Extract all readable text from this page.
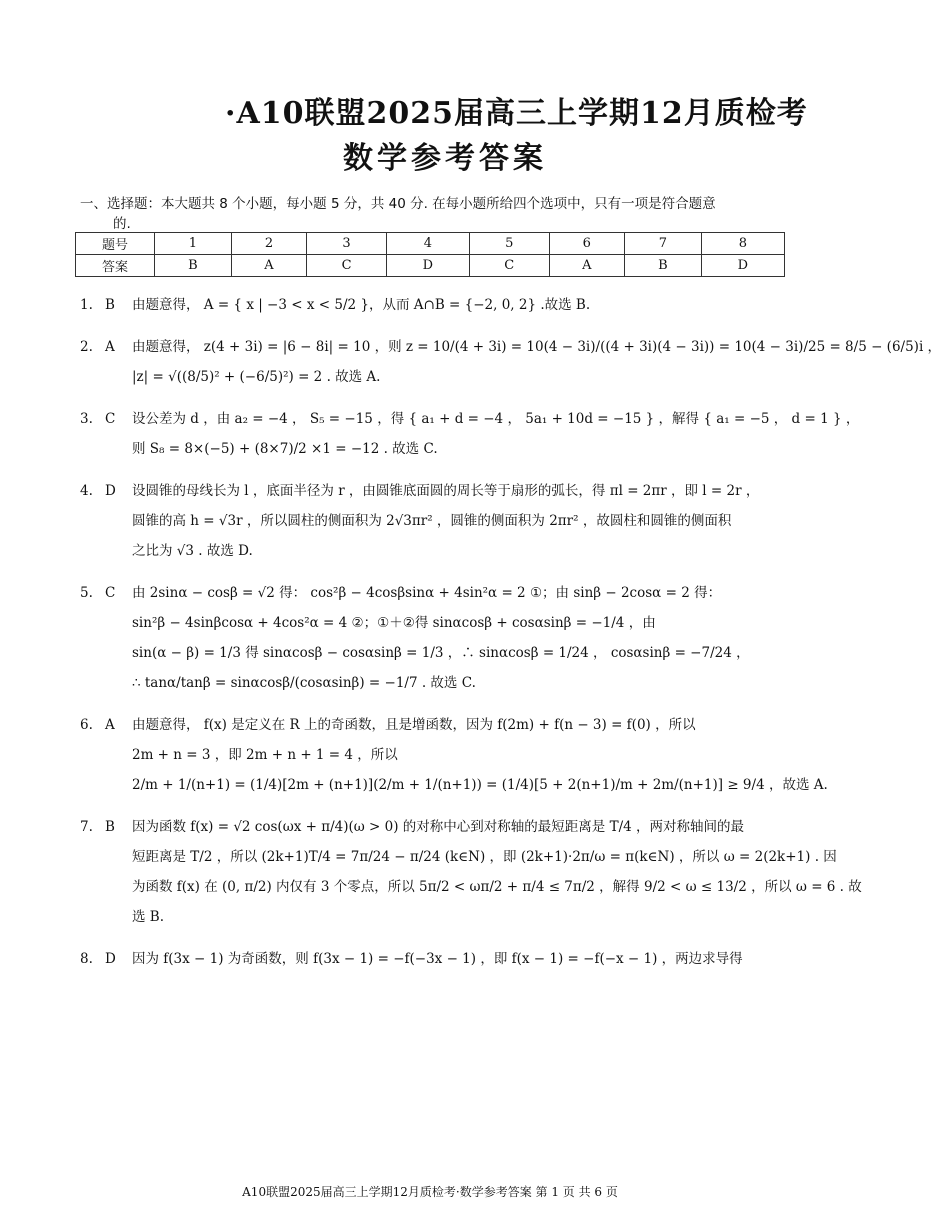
·A10联盟2025届高三上学期12月质检考
数学参考答案
一、选择题：本大题共 8 个小题，每小题 5 分，共 40 分. 在每小题所给四个选项中，只有一项是符合题意
的.
题号	1	2	3	4	5	6	7	8
答案	B	A	C	D	C	A	B	D
1. B	由题意得， A = { x | −3 < x < 5/2 }，从而 A∩B = {−2, 0, 2} .故选 B.
2. A	由题意得， z(4 + 3i) = |6 − 8i| = 10 ，则 z = 10/(4 + 3i) = 10(4 − 3i)/((4 + 3i)(4 − 3i)) = 10(4 − 3i)/25 = 8/5 − (6/5)i ，
|z| = √((8/5)² + (−6/5)²) = 2 . 故选 A.
3. C	设公差为 d ，由 a₂ = −4 ， S₅ = −15 ，得 { a₁ + d = −4 ， 5a₁ + 10d = −15 } ，解得 { a₁ = −5 ， d = 1 } ，
则 S₈ = 8×(−5) + (8×7)/2 ×1 = −12 . 故选 C.
4. D	设圆锥的母线长为 l ，底面半径为 r ，由圆锥底面圆的周长等于扇形的弧长，得 πl = 2πr ，即 l = 2r ，
圆锥的高 h = √3r ，所以圆柱的侧面积为 2√3πr² ，圆锥的侧面积为 2πr² ，故圆柱和圆锥的侧面积
之比为 √3 . 故选 D.
5. C	由 2sinα − cosβ = √2 得： cos²β − 4cosβsinα + 4sin²α = 2 ①；由 sinβ − 2cosα = 2 得：
sin²β − 4sinβcosα + 4cos²α = 4 ②；①＋②得 sinαcosβ + cosαsinβ = −1/4 ，由
sin(α − β) = 1/3 得 sinαcosβ − cosαsinβ = 1/3 ，∴ sinαcosβ = 1/24 ， cosαsinβ = −7/24 ，
∴ tanα/tanβ = sinαcosβ/(cosαsinβ) = −1/7 . 故选 C.
6. A	由题意得， f(x) 是定义在 R 上的奇函数，且是增函数，因为 f(2m) + f(n − 3) = f(0) ，所以
2m + n = 3 ，即 2m + n + 1 = 4 ，所以
2/m + 1/(n+1) = (1/4)[2m + (n+1)](2/m + 1/(n+1)) = (1/4)[5 + 2(n+1)/m + 2m/(n+1)] ≥ 9/4 ，故选 A.
7. B	因为函数 f(x) = √2 cos(ωx + π/4)(ω > 0) 的对称中心到对称轴的最短距离是 T/4 ，两对称轴间的最
短距离是 T/2 ，所以 (2k+1)T/4 = 7π/24 − π/24 (k∈N) ，即 (2k+1)·2π/ω = π(k∈N) ，所以 ω = 2(2k+1) . 因
为函数 f(x) 在 (0, π/2) 内仅有 3 个零点，所以 5π/2 < ωπ/2 + π/4 ≤ 7π/2 ，解得 9/2 < ω ≤ 13/2 ，所以 ω = 6 . 故
选 B.
8. D	因为 f(3x − 1) 为奇函数，则 f(3x − 1) = −f(−3x − 1) ，即 f(x − 1) = −f(−x − 1) ，两边求导得
A10联盟2025届高三上学期12月质检考·数学参考答案 第 1 页 共 6 页
